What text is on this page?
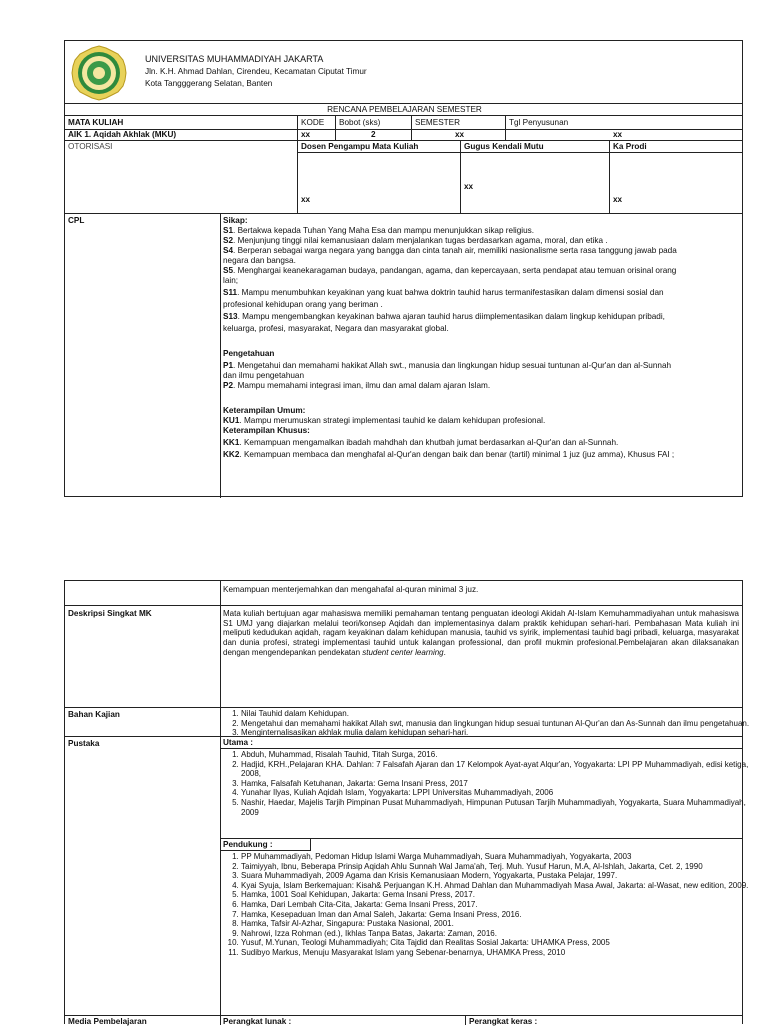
UNIVERSITAS MUHAMMADIYAH JAKARTA
Jln. K.H. Ahmad Dahlan, Cirendeu, Kecamatan Ciputat Timur
Kota Tangggerang Selatan, Banten
RENCANA PEMBELAJARAN SEMESTER
MATA KULIAH	KODE Bobot (sks)	SEMESTER	Tgl Penyusunan
AIK 1. Aqidah Akhlak (MKU)	xx	2	xx	xx
OTORISASI	Dosen Pengampu Mata Kuliah	Gugus Kendali Mutu	Ka Prodi
xx
xx
xx
CPL	Sikap:
S1. Bertakwa kepada Tuhan Yang Maha Esa dan mampu menunjukkan sikap religius.
S2. Menjunjung tinggi nilai kemanusiaan dalam menjalankan tugas berdasarkan agama, moral, dan etika .
S4. Berperan sebagai warga negara yang bangga dan cinta tanah air, memiliki nasionalisme serta rasa tanggung jawab pada
negara dan bangsa.
S5. Menghargai keanekaragaman budaya, pandangan, agama, dan kepercayaan, serta pendapat atau temuan orisinal orang
lain;
S11. Mampu menumbuhkan keyakinan yang kuat bahwa doktrin tauhid harus termanifestasikan dalam dimensi sosial dan
profesional kehidupan orang yang beriman .
S13. Mampu mengembangkan keyakinan bahwa ajaran tauhid harus diimplementasikan dalam lingkup kehidupan pribadi,
keluarga, profesi, masyarakat, Negara dan masyarakat global.
Pengetahuan
P1. Mengetahui dan memahami hakikat Allah swt., manusia dan lingkungan hidup sesuai tuntunan al-Qur'an dan al-Sunnah
dan ilmu pengetahuan
P2. Mampu memahami integrasi iman, ilmu dan amal dalam ajaran Islam.
Keterampilan Umum:
KU1. Mampu merumuskan strategi implementasi tauhid ke dalam kehidupan profesional.
Keterampilan Khusus:
KK1. Kemampuan mengamalkan ibadah mahdhah dan khutbah jumat berdasarkan al-Qur'an dan al-Sunnah.
KK2. Kemampuan membaca dan menghafal al-Qur'an dengan baik dan benar (tartil) minimal 1 juz (juz amma), Khusus FAI ;
Kemampuan menterjemahkan dan mengahafal al-quran minimal 3 juz.
Deskripsi Singkat MK	Mata kuliah bertujuan agar mahasiswa memiliki pemahaman tentang penguatan ideologi Akidah Al-Islam Kemuhammadiyahan untuk mahasiswa S1 UMJ yang diajarkan melalui teori/konsep Aqidah dan implementasinya dalam praktik kehidupan sehari-hari. Pembahasan Mata kuliah ini meliputi kedudukan aqidah, ragam keyakinan dalam kehidupan manusia, tauhid vs syirik, implementasi tauhid bagi pribadi, keluarga, masyarakat dan dunia profesi, strategi implementasi tauhid untuk kalangan professional, dan profil mukmin profesional.Pembelajaran akan dilaksanakan dengan mengendepankan pendekatan student center learning.

Bahan Kajian
1.	Nilai Tauhid dalam Kehidupan.
2. Mengetahui dan memahami hakikat Allah swt, manusia dan lingkungan hidup sesuai tuntunan Al-Qur'an dan As-Sunnah dan ilmu pengetahuan.
3. Menginternalisasikan akhlak mulia dalam kehidupan sehari-hari.
Pustaka	Utama :
1. Abduh, Muhammad, Risalah Tauhid, Titah Surga, 2016.
2. Hadjid, KRH.,Pelajaran KHA. Dahlan: 7 Falsafah Ajaran dan 17 Kelompok Ayat-ayat Alqur'an, Yogyakarta: LPI PP Muhammadiyah, edisi ketiga, 2008,
3. Hamka, Falsafah Ketuhanan, Jakarta: Gema Insani Press, 2017
4. Yunahar Ilyas, Kuliah Aqidah Islam, Yogyakarta: LPPI Universitas Muhammadiyah, 2006
5. Nashir, Haedar, Majelis Tarjih Pimpinan Pusat Muhammadiyah, Himpunan Putusan Tarjih Muhammadiyah, Yogyakarta, Suara Muhammadiyah, 2009
Pendukung :
1. PP Muhammadiyah, Pedoman Hidup Islami Warga Muhammadiyah, Suara Muhammadiyah, Yogyakarta, 2003
2. Taimiyyah, Ibnu, Beberapa Prinsip Aqidah Ahlu Sunnah Wal Jama'ah, Terj. Muh. Yusuf Harun, M.A, Al-Ishlah, Jakarta, Cet. 2, 1990
3. Suara Muhammadiyah, 2009 Agama dan Krisis Kemanusiaan Modern, Yogyakarta, Pustaka Pelajar, 1997.
4. Kyai Syuja, Islam Berkemajuan: Kisah& Perjuangan K.H. Ahmad Dahlan dan Muhammadiyah Masa Awal, Jakarta: al-Wasat, new edition, 2009.
5. Hamka, 1001 Soal Kehidupan, Jakarta: Gema Insani Press, 2017.
6. Hamka, Dari Lembah Cita-Cita, Jakarta: Gema Insani Press, 2017.
7. Hamka, Kesepaduan Iman dan Amal Saleh, Jakarta: Gema Insani Press, 2016.
8. Hamka, Tafsir Al-Azhar, Singapura: Pustaka Nasional, 2001.
9. Nahrowi, Izza Rohman (ed.), Ikhlas Tanpa Batas, Jakarta: Zaman, 2016.
10. Yusuf, M.Yunan, Teologi Muhammadiyah; Cita Tajdid dan Realitas Sosial Jakarta: UHAMKA Press, 2005
11. Sudibyo Markus, Menuju Masyarakat Islam yang Sebenar-benarnya, UHAMKA Press, 2010
Media Pembelajaran	Perangkat lunak :	Perangkat keras :
